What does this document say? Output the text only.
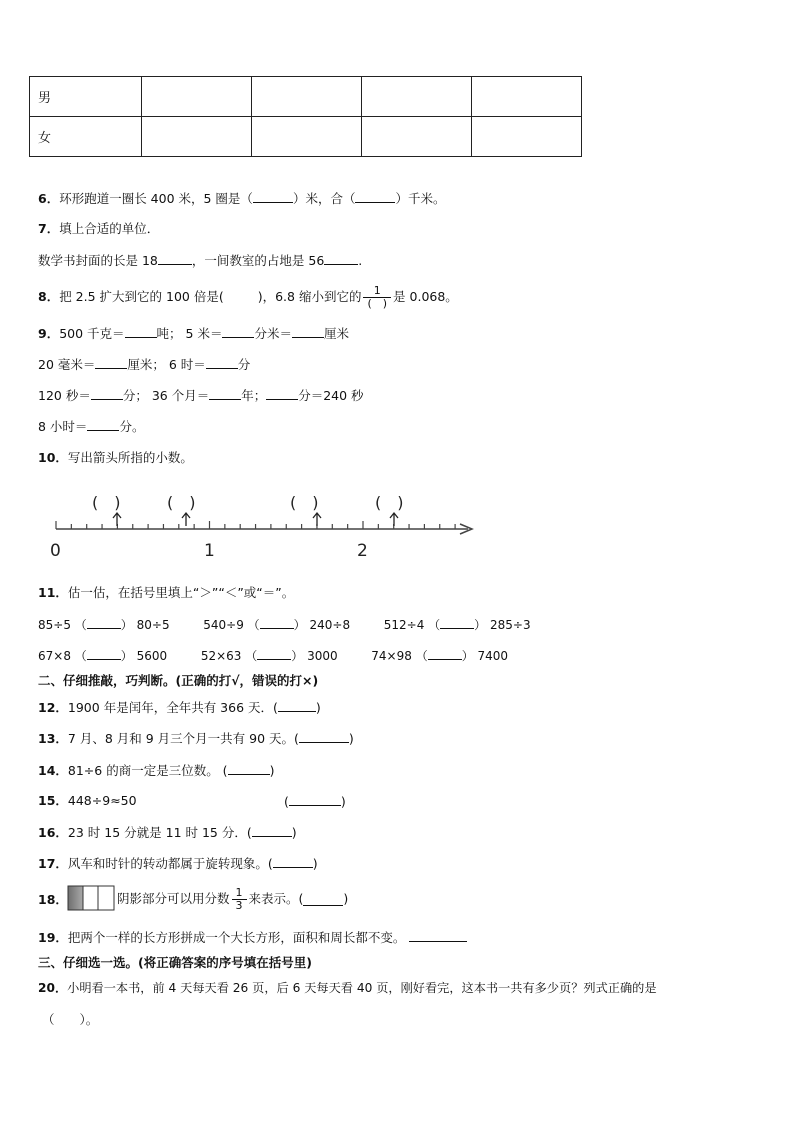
男				
女				
6．环形跑道一圈长 400 米，5 圈是（	）米，合（	）千米。
7．填上合适的单位．
数学书封面的长是 18	，一间教室的占地是 56	.
8． 把 2.5 扩大到它的 100 倍是(	)，6.8 缩小到它的 $\frac{1}{( )}$ 是 0.068。
9．500 千克＝	吨； 5 米＝	分米＝	厘米
20 毫米＝	厘米； 6 时＝	分
120 秒＝	分； 36 个月＝	年；	分＝240 秒
8 小时＝	分。
10．写出箭头所指的小数。
0	1	2
(　)	(　)	(　)	(　)
11．估一估，在括号里填上“＞”“＜”或“＝”。
85÷5 （	） 80÷5	540÷9 （	） 240÷8	512÷4 （	） 285÷3
67×8 （	） 5600	52×63 （	） 3000	74×98 （	） 7400
二、仔细推敲，巧判断。(正确的打√，错误的打×)
12．1900 年是闰年，全年共有 366 天．(	)
13．7 月、8 月和 9 月三个月一共有 90 天。(	)
14．81÷6 的商一定是三位数。 (	)
15．448÷9≈50	(	)
16．23 时 15 分就是 11 时 15 分．(	)
17．风车和时针的转动都属于旋转现象。(	)
18．	阴影部分可以用分数 $\frac{1}{3}$ 来表示。(	)
19．把两个一样的长方形拼成一个大长方形，面积和周长都不变。
三、仔细选一选。(将正确答案的序号填在括号里)
20．小明看一本书，前 4 天每天看 26 页，后 6 天每天看 40 页，刚好看完，这本书一共有多少页？列式正确的是
（　　）。
